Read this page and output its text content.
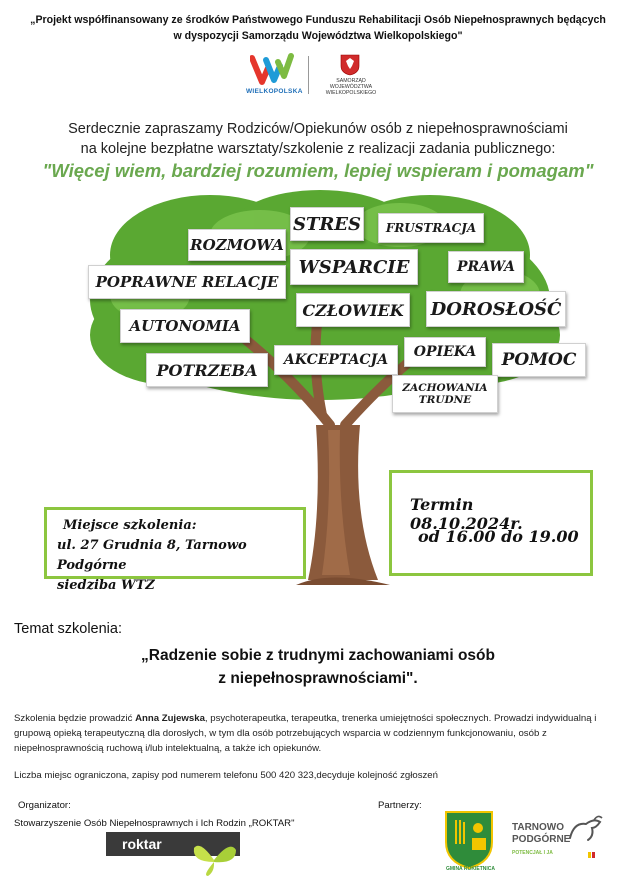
„Projekt współfinansowany ze środków Państwowego Funduszu Rehabilitacji Osób Niepełnosprawnych będących
w dyspozycji Samorządu Województwa Wielkopolskiego"
WIELKOPOLSKA
SAMORZĄD
WOJEWÓDZTWA
WIELKOPOLSKIEGO
Serdecznie zapraszamy Rodziców/Opiekunów osób z niepełnosprawnościami
na kolejne bezpłatne warsztaty/szkolenie z realizacji zadania publicznego:
"Więcej wiem, bardziej rozumiem, lepiej wspieram i pomagam"
STRES	FRUSTRACJA
ROZMOWA
WSPARCIE	PRAWA
POPRAWNE RELACJE
CZŁOWIEK	DOROSŁOŚĆ
AUTONOMIA
OPIEKA	POMOC
AKCEPTACJA
POTRZEBA
ZACHOWANIA
TRUDNE
Termin 08.10.2024r.
od 16.00 do 19.00
Miejsce szkolenia:
ul. 27 Grudnia 8, Tarnowo Podgórne
siedziba WTZ
Temat szkolenia:
„Radzenie sobie z trudnymi zachowaniami osób
z niepełnosprawnościami".
Szkolenia będzie prowadzić Anna Zujewska, psychoterapeutka, terapeutka, trenerka umiejętności społecznych. Prowadzi indywidualną i grupową opieką terapeutyczną dla dorosłych, w tym dla osób potrzebujących wsparcia w codziennym funkcjonowaniu, osób z niepełnosprawnością ruchową i/lub intelektualną, a także ich opiekunów.
Liczba miejsc ograniczona, zapisy pod numerem telefonu 500 420 323,decyduje kolejność zgłoszeń
Organizator:
Stowarzyszenie Osób Niepełnosprawnych i Ich Rodzin „ROKTAR"
Partnerzy:
roktar
GMINA ROKIETNICA
TARNOWO
PODGÓRNE
POTENCJAŁ I JA
